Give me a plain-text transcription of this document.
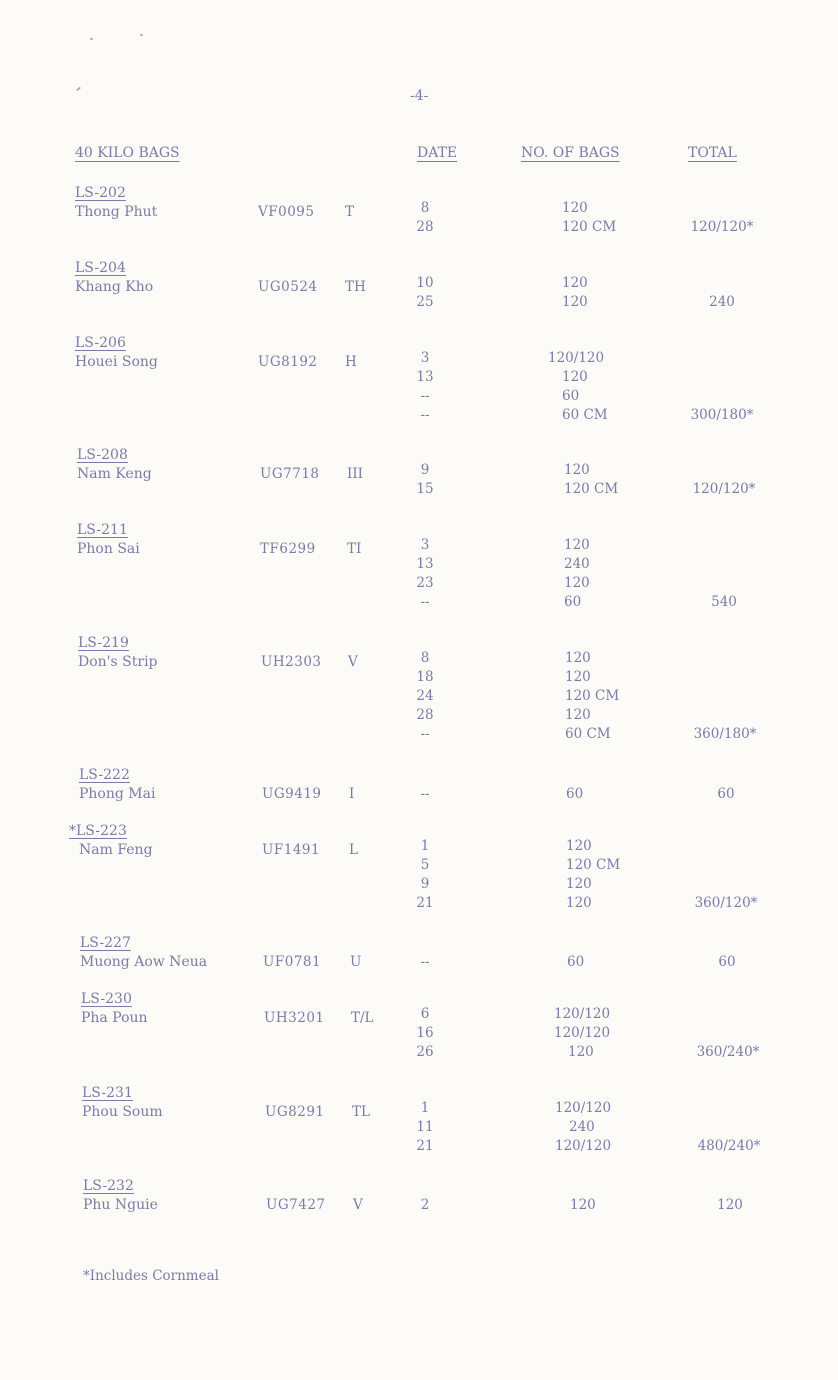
-4-
40 KILO BAGS	DATE	NO. OF BAGS	TOTAL
LS-202
Thong Phut	VF0095 T	8	120
28	120 CM	120/120*
LS-204
Khang Kho	UG0524 TH	10	120
25	120	240
LS-206
Houei Song	UG8192 H	3	120/120
13	120
--	60
--	60 CM	300/180*
LS-208
Nam Keng	UG7718 III	9	120
15	120 CM	120/120*
LS-211
Phon Sai	TF6299 TI	3	120
13	240
23	120
--	60	540
LS-219
Don's Strip	UH2303 V	8	120
18	120
24	120 CM
28	120
--	60 CM	360/180*
LS-222
Phong Mai	UG9419 I	--	60	60
*LS-223
Nam Feng	UF1491 L	1	120
5	120 CM
9	120
21	120	360/120*
LS-227
Muong Aow Neua	UF0781 U	--	60	60
LS-230
Pha Poun	UH3201 T/L	6	120/120
16	120/120
26	120	360/240*
LS-231
Phou Soum	UG8291 TL	1	120/120
11	240
21	120/120	480/240*
LS-232
Phu Nguie	UG7427 V	2	120	120
*Includes Cornmeal
